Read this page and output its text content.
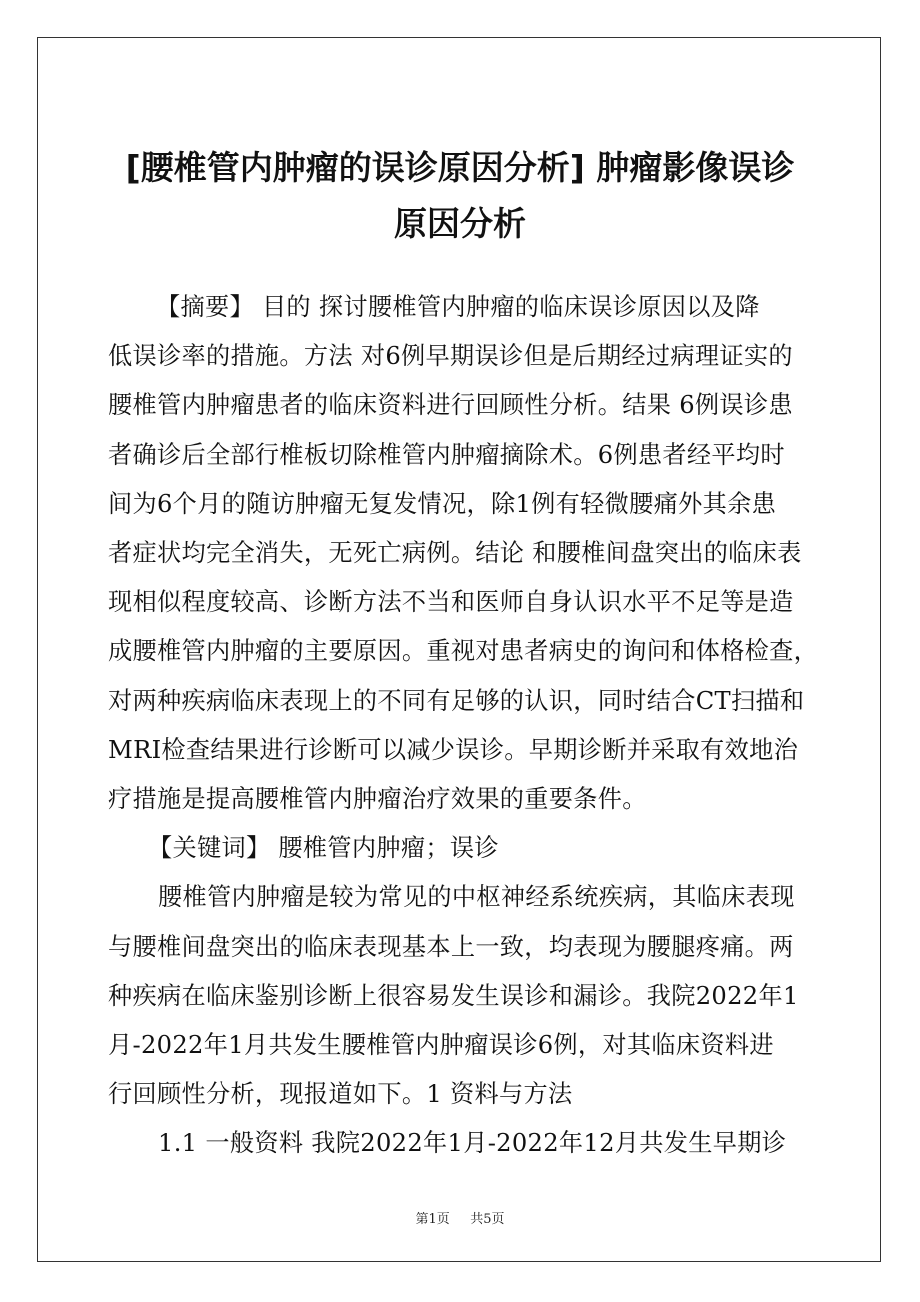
[腰椎管内肿瘤的误诊原因分析] 肿瘤影像误诊
原因分析
【摘要】 目的 探讨腰椎管内肿瘤的临床误诊原因以及降
低误诊率的措施。方法 对6例早期误诊但是后期经过病理证实的
腰椎管内肿瘤患者的临床资料进行回顾性分析。结果 6例误诊患
者确诊后全部行椎板切除椎管内肿瘤摘除术。6例患者经平均时
间为6个月的随访肿瘤无复发情况，除1例有轻微腰痛外其余患
者症状均完全消失，无死亡病例。结论 和腰椎间盘突出的临床表
现相似程度较高、诊断方法不当和医师自身认识水平不足等是造
成腰椎管内肿瘤的主要原因。重视对患者病史的询问和体格检查，
对两种疾病临床表现上的不同有足够的认识，同时结合CT扫描和
MRI检查结果进行诊断可以减少误诊。早期诊断并采取有效地治
疗措施是提高腰椎管内肿瘤治疗效果的重要条件。
【关键词】 腰椎管内肿瘤；误诊
腰椎管内肿瘤是较为常见的中枢神经系统疾病，其临床表现
与腰椎间盘突出的临床表现基本上一致，均表现为腰腿疼痛。两
种疾病在临床鉴别诊断上很容易发生误诊和漏诊。我院2022年1
月-2022年1月共发生腰椎管内肿瘤误诊6例，对其临床资料进
行回顾性分析，现报道如下。1 资料与方法
1.1 一般资料 我院2022年1月-2022年12月共发生早期诊
第1页 共5页
